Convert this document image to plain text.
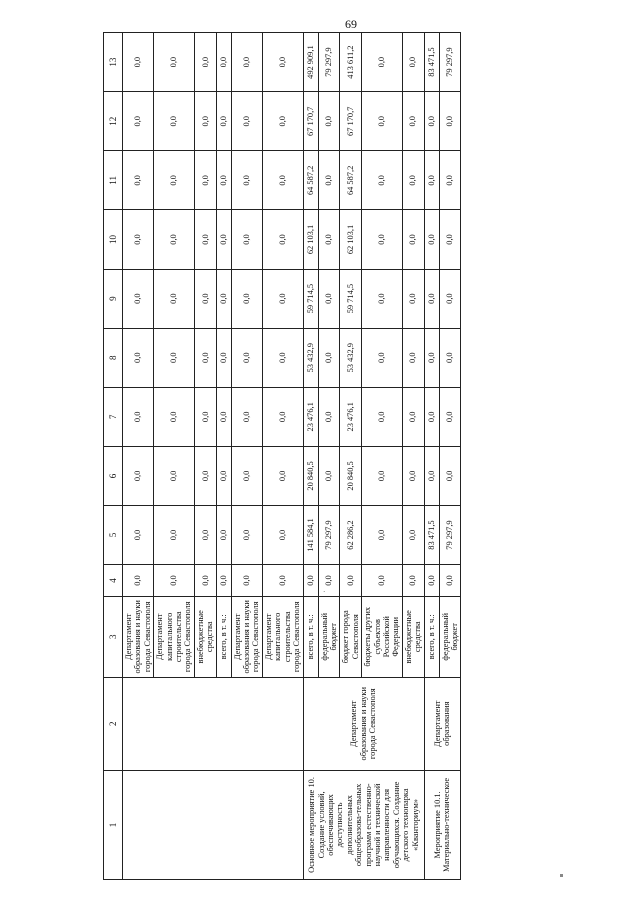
69
1	2	3	4	5	6	7	8	9	10	11	12	13
		Департамент образования и науки города Севастополя	0,0	0,0	0,0	0,0	0,0	0,0	0,0	0,0	0,0	0,0
		Департамент капитального строительства города Севастополя	0,0	0,0	0,0	0,0	0,0	0,0	0,0	0,0	0,0	0,0
		внебюджетные средства	0,0	0,0	0,0	0,0	0,0	0,0	0,0	0,0	0,0	0,0
		всего, в т. ч.:	0,0	0,0	0,0	0,0	0,0	0,0	0,0	0,0	0,0	0,0
		Департамент образования и науки города Севастополя	0,0	0,0	0,0	0,0	0,0	0,0	0,0	0,0	0,0	0,0
		Департамент капитального строительства города Севастополя	0,0	0,0	0,0	0,0	0,0	0,0	0,0	0,0	0,0	0,0
Основное мероприятие 10. Создание условий, обеспечивающих доступность дополнительных общеобразова-тельных программ естественно-научной и технической направленности для обучающихся. Создание детского технопарка «Кванториум»	Департамент образования и науки города Севастополя	всего, в т. ч.:	0,0	141 584,1	20 840,5	23 476,1	53 432,9	59 714,5	62 103,1	64 587,2	67 170,7	492 909,1
		федеральный бюджет	0,0	79 297,9	0,0	0,0	0,0	0,0	0,0	0,0	0,0	79 297,9
		бюджет города Севастополя	0,0	62 286,2	20 840,5	23 476,1	53 432,9	59 714,5	62 103,1	64 587,2	67 170,7	413 611,2
		бюджеты других субъектов Российской Федерации	0,0	0,0	0,0	0,0	0,0	0,0	0,0	0,0	0,0	0,0
		внебюджетные средства	0,0	0,0	0,0	0,0	0,0	0,0	0,0	0,0	0,0	0,0
Мероприятие 10.1. Материально-техническое	Департамент образования	всего, в т. ч.:	0,0	83 471,5	0,0	0,0	0,0	0,0	0,0	0,0	0,0	83 471,5
		федеральный бюджет	0,0	79 297,9	0,0	0,0	0,0	0,0	0,0	0,0	0,0	79 297,9
·
